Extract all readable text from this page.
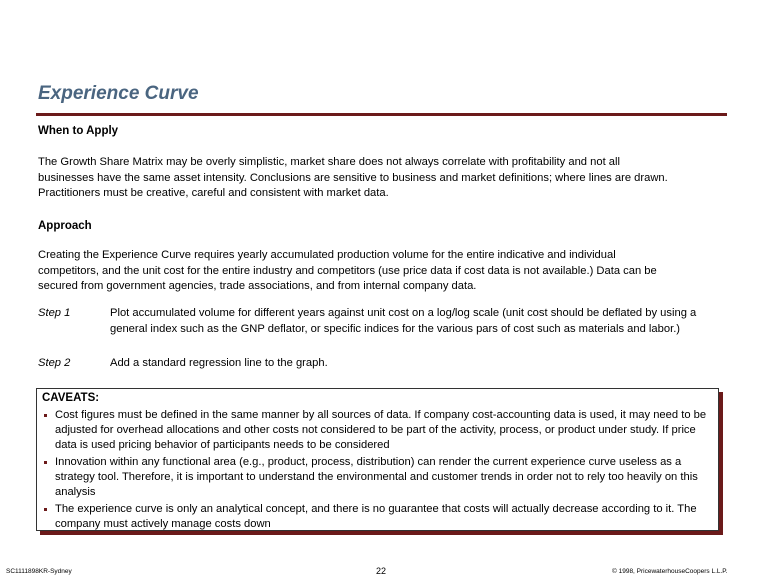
Experience Curve
When to Apply
The Growth Share Matrix may be overly simplistic, market share does not always correlate with profitability and not all
businesses have the same asset intensity. Conclusions are sensitive to business and market definitions; where lines are drawn.
Practitioners must be creative, careful and consistent with market data.
Approach
Creating the Experience Curve requires yearly accumulated production volume for the entire indicative and individual
competitors, and the unit cost for the entire industry and competitors (use price data if cost data is not available.) Data can be
secured from government agencies, trade associations, and from internal company data.
Step 1	Plot accumulated volume for different years against unit cost on a log/log scale (unit cost should be deflated by using a general index such as the GNP deflator, or specific indices for the various pars of cost such as materials and labor.)
Step 2	Add a standard regression line to the graph.
CAVEATS:
Cost figures must be defined in the same manner by all sources of data. If company cost-accounting data is used, it may need to be adjusted for overhead allocations and other costs not considered to be part of the activity, process, or product under study. If price data is used pricing behavior of participants needs to be considered
Innovation within any functional area (e.g., product, process, distribution) can render the current experience curve useless as a strategy tool. Therefore, it is important to understand the environmental and customer trends in order not to rely too heavily on this analysis
The experience curve is only an analytical concept, and there is no guarantee that costs will actually decrease according to it. The company must actively manage costs down
SC1111898KR-Sydney	22	© 1998, PricewaterhouseCoopers L.L.P.
